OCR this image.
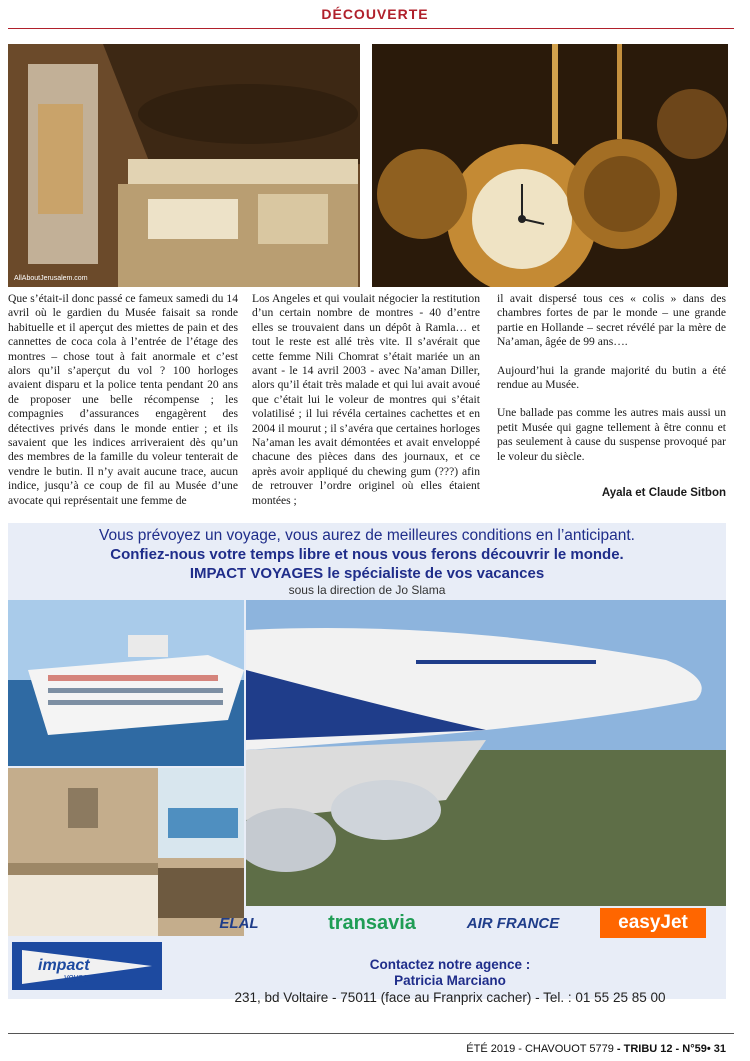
DÉCOUVERTE
AllAboutJerusalem.com

Que s’était-il donc passé ce fameux samedi du 14 avril où le gardien du Musée faisait sa ronde habituelle et il aperçut des miettes de pain et des cannettes de coca cola à l’entrée de l’étage des montres – chose tout à fait anormale et c’est alors qu’il s’aperçut du vol ? 100 horloges avaient disparu et la police tenta pendant 20 ans de proposer une belle récompense ; les compagnies d’assurances engagèrent des détectives privés dans le monde entier ; et ils savaient que les indices arriveraient dès qu’un des membres de la famille du voleur tenterait de vendre le butin. Il n’y avait aucune trace, aucun indice, jusqu’à ce coup de fil au Musée d’une avocate qui représentait une femme de

Los Angeles et qui voulait négocier la restitution d’un certain nombre de montres - 40 d’entre elles se trouvaient dans un dépôt à Ramla… et tout le reste est allé très vite. Il s’avérait que cette femme Nili Chomrat s’était mariée un an avant - le 14 avril 2003 - avec Na’aman Diller, alors qu’il était très malade et qui lui avait avoué que c’était lui le voleur de montres qui s’était volatilisé ; il lui révéla certaines cachettes et en 2004 il mourut ; il s’avéra que certaines horloges Na’aman les avait démontées et avait enveloppé chacune des pièces dans des journaux, et ce après avoir appliqué du chewing gum (???) afin de retrouver l’ordre originel où elles étaient montées ;

il avait dispersé tous ces « colis » dans des chambres fortes de par le monde – une grande partie en Hollande – secret révélé par la mère de Na’aman, âgée de 99 ans….

Aujourd’hui la grande majorité du butin a été rendue au Musée.

Une ballade pas comme les autres mais aussi un petit Musée qui gagne tellement à être connu et pas seulement à cause du suspense provoqué par le voleur du siècle.

Ayala et Claude Sitbon
Vous prévoyez un voyage, vous aurez de meilleures conditions en l’anticipant.
Confiez-nous votre temps libre et nous vous ferons découvrir le monde.
IMPACT VOYAGES le spécialiste de vos vacances
sous la direction de Jo Slama
ELAL	transavia	AIR FRANCE	easyJet
impact
voyages
Contactez notre agence :
Patricia Marciano
231, bd Voltaire - 75011 (face au Franprix cacher) - Tel. : 01 55 25 85 00
ÉTÉ 2019 - CHAVOUOT 5779 - TRIBU 12 - N°59• 31
